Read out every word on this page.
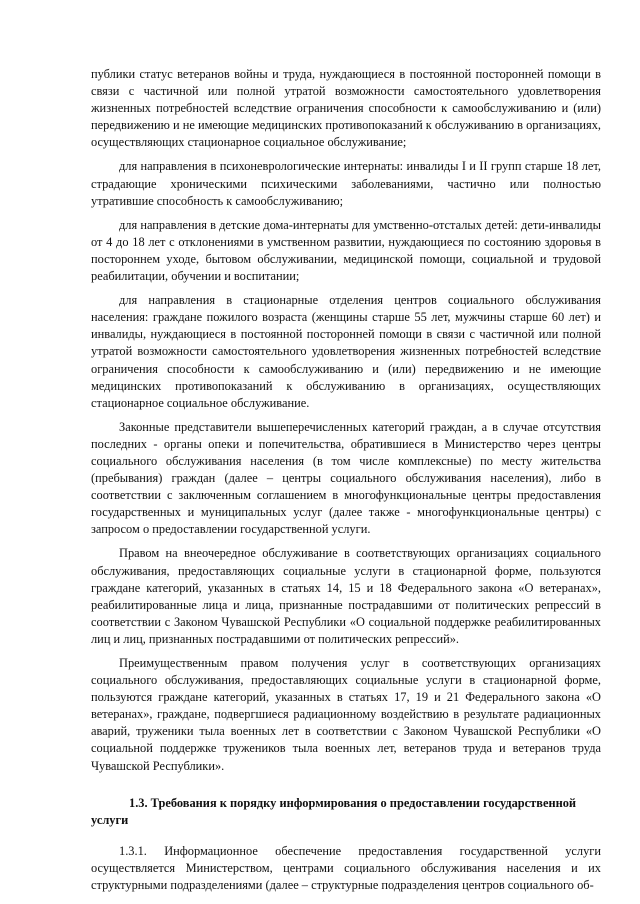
публики статус ветеранов войны и труда, нуждающиеся в постоянной посторонней помощи в связи с частичной или полной утратой возможности самостоятельного удовлетворения жизненных потребностей вследствие ограничения способности к самообслуживанию и (или) передвижению и не имеющие медицинских противопоказаний к обслуживанию в организациях, осуществляющих стационарное социальное обслуживание;

для направления в психоневрологические интернаты: инвалиды I и II групп старше 18 лет, страдающие хроническими психическими заболеваниями, частично или полностью утратившие способность к самообслуживанию;

для направления в детские дома-интернаты для умственно-отсталых детей: дети-инвалиды от 4 до 18 лет с отклонениями в умственном развитии, нуждающиеся по состоянию здоровья в постороннем уходе, бытовом обслуживании, медицинской помощи, социальной и трудовой реабилитации, обучении и воспитании;

для направления в стационарные отделения центров социального обслуживания населения: граждане пожилого возраста (женщины старше 55 лет, мужчины старше 60 лет) и инвалиды, нуждающиеся в постоянной посторонней помощи в связи с частичной или полной утратой возможности самостоятельного удовлетворения жизненных потребностей вследствие ограничения способности к самообслуживанию и (или) передвижению и не имеющие медицинских противопоказаний к обслуживанию в организациях, осуществляющих стационарное социальное обслуживание.

Законные представители вышеперечисленных категорий граждан, а в случае отсутствия последних - органы опеки и попечительства, обратившиеся в Министерство через центры социального обслуживания населения (в том числе комплексные) по месту жительства (пребывания) граждан (далее – центры социального обслуживания населения), либо в соответствии с заключенным соглашением в многофункциональные центры предоставления государственных и муниципальных услуг (далее также - многофункциональные центры) с запросом о предоставлении государственной услуги.

Правом на внеочередное обслуживание в соответствующих организациях социального обслуживания, предоставляющих социальные услуги в стационарной форме, пользуются граждане категорий, указанных в статьях 14, 15 и 18 Федерального закона «О ветеранах», реабилитированные лица и лица, признанные пострадавшими от политических репрессий в соответствии с Законом Чувашской Республики «О социальной поддержке реабилитированных лиц и лиц, признанных пострадавшими от политических репрессий».

Преимущественным правом получения услуг в соответствующих организациях социального обслуживания, предоставляющих социальные услуги в стационарной форме, пользуются граждане категорий, указанных в статьях 17, 19 и 21 Федерального закона «О ветеранах», граждане, подвергшиеся радиационному воздействию в результате радиационных аварий, труженики тыла военных лет в соответствии с Законом Чувашской Республики «О социальной поддержке тружеников тыла военных лет, ветеранов труда и ветеранов труда Чувашской Республики».

1.3. Требования к порядку информирования о предоставлении государственной услуги

1.3.1. Информационное обеспечение предоставления государственной услуги осуществляется Министерством, центрами социального обслуживания населения и их структурными подразделениями (далее – структурные подразделения центров социального об-
